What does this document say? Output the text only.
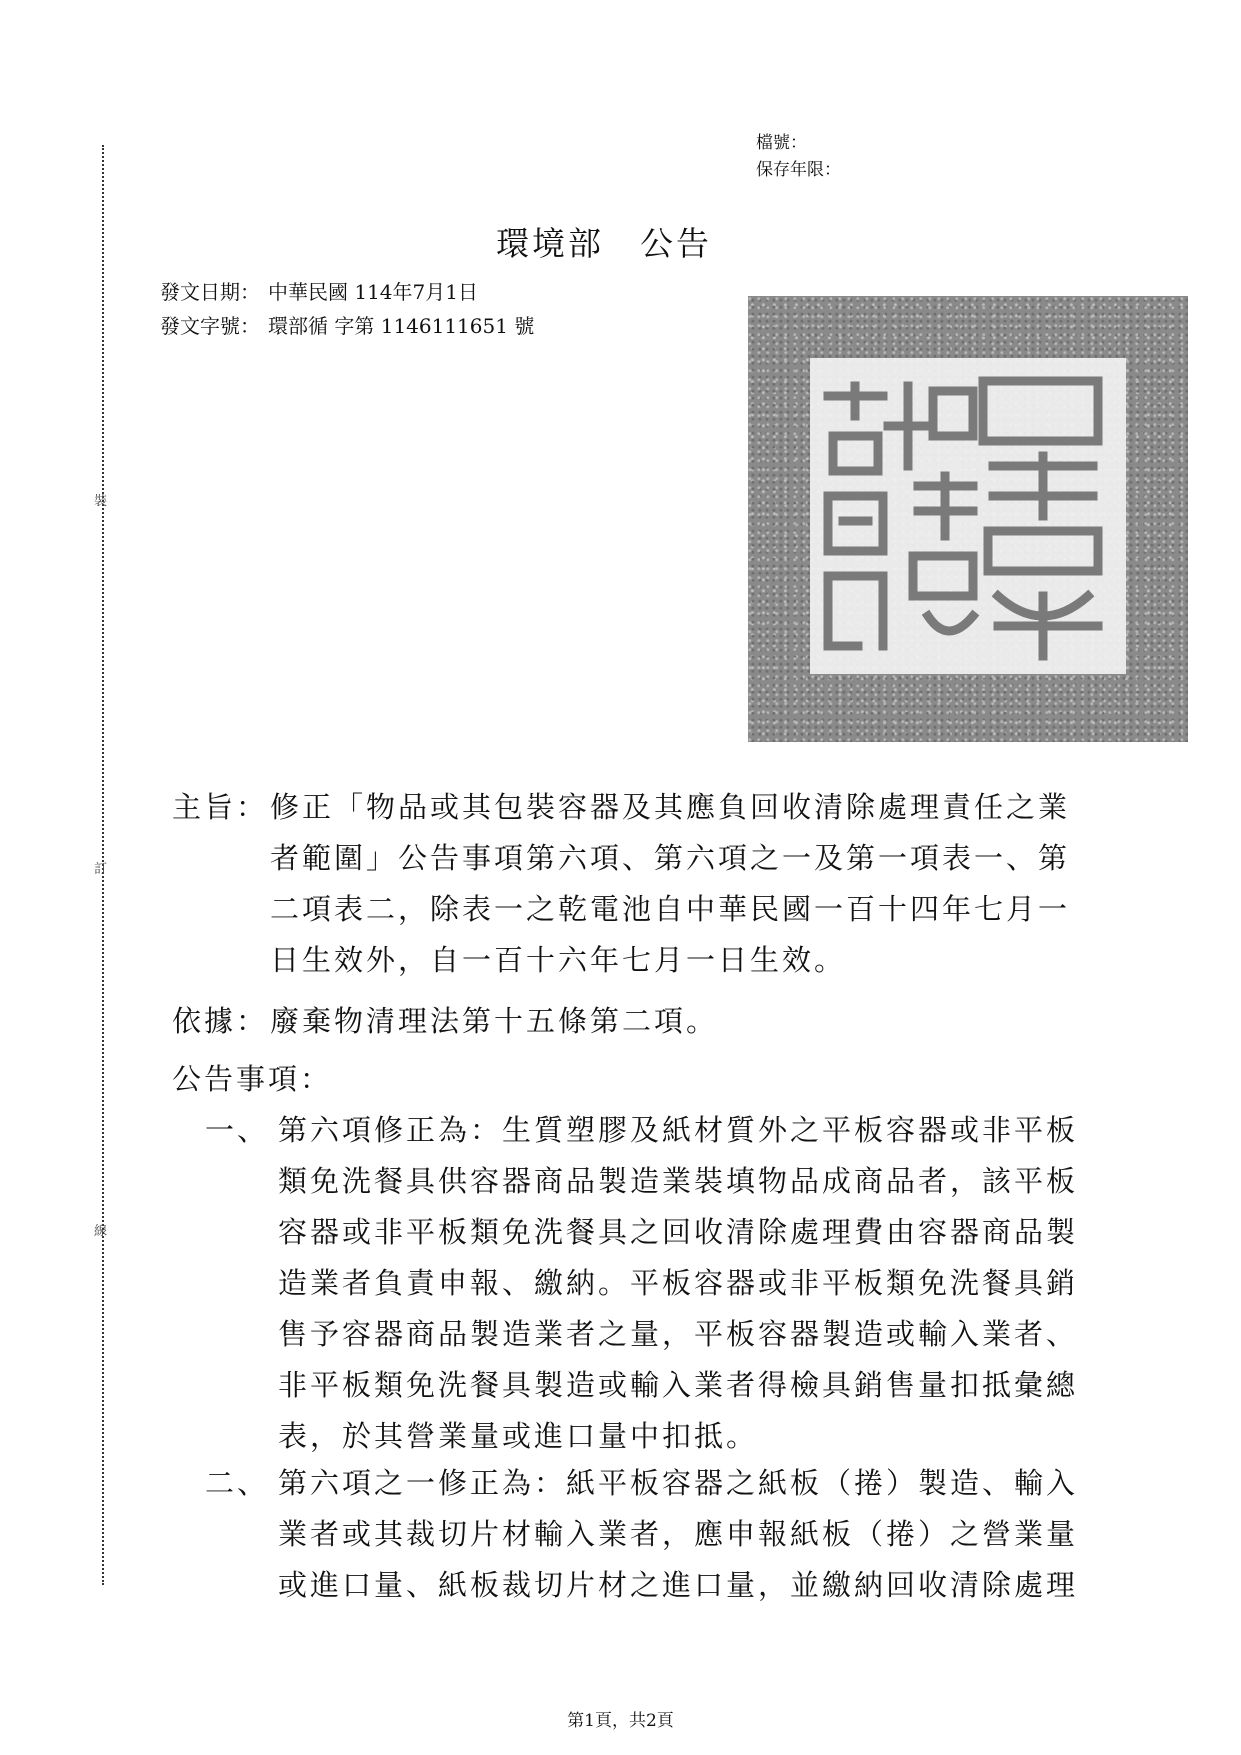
裝
訂
線
檔號：
保存年限：
環境部　公告
發文日期： 中華民國 114年7月1日
發文字號： 環部循 字第 1146111651 號
主旨： 修正「物品或其包裝容器及其應負回收清除處理責任之業者範圍」公告事項第六項、第六項之一及第一項表一、第二項表二，除表一之乾電池自中華民國一百十四年七月一日生效外，自一百十六年七月一日生效。
依據： 廢棄物清理法第十五條第二項。
公告事項：
一、 第六項修正為：生質塑膠及紙材質外之平板容器或非平板類免洗餐具供容器商品製造業裝填物品成商品者，該平板容器或非平板類免洗餐具之回收清除處理費由容器商品製造業者負責申報、繳納。平板容器或非平板類免洗餐具銷售予容器商品製造業者之量，平板容器製造或輸入業者、非平板類免洗餐具製造或輸入業者得檢具銷售量扣抵彙總表，於其營業量或進口量中扣抵。
二、 第六項之一修正為：紙平板容器之紙板（捲）製造、輸入業者或其裁切片材輸入業者，應申報紙板（捲）之營業量或進口量、紙板裁切片材之進口量，並繳納回收清除處理
第1頁，共2頁
